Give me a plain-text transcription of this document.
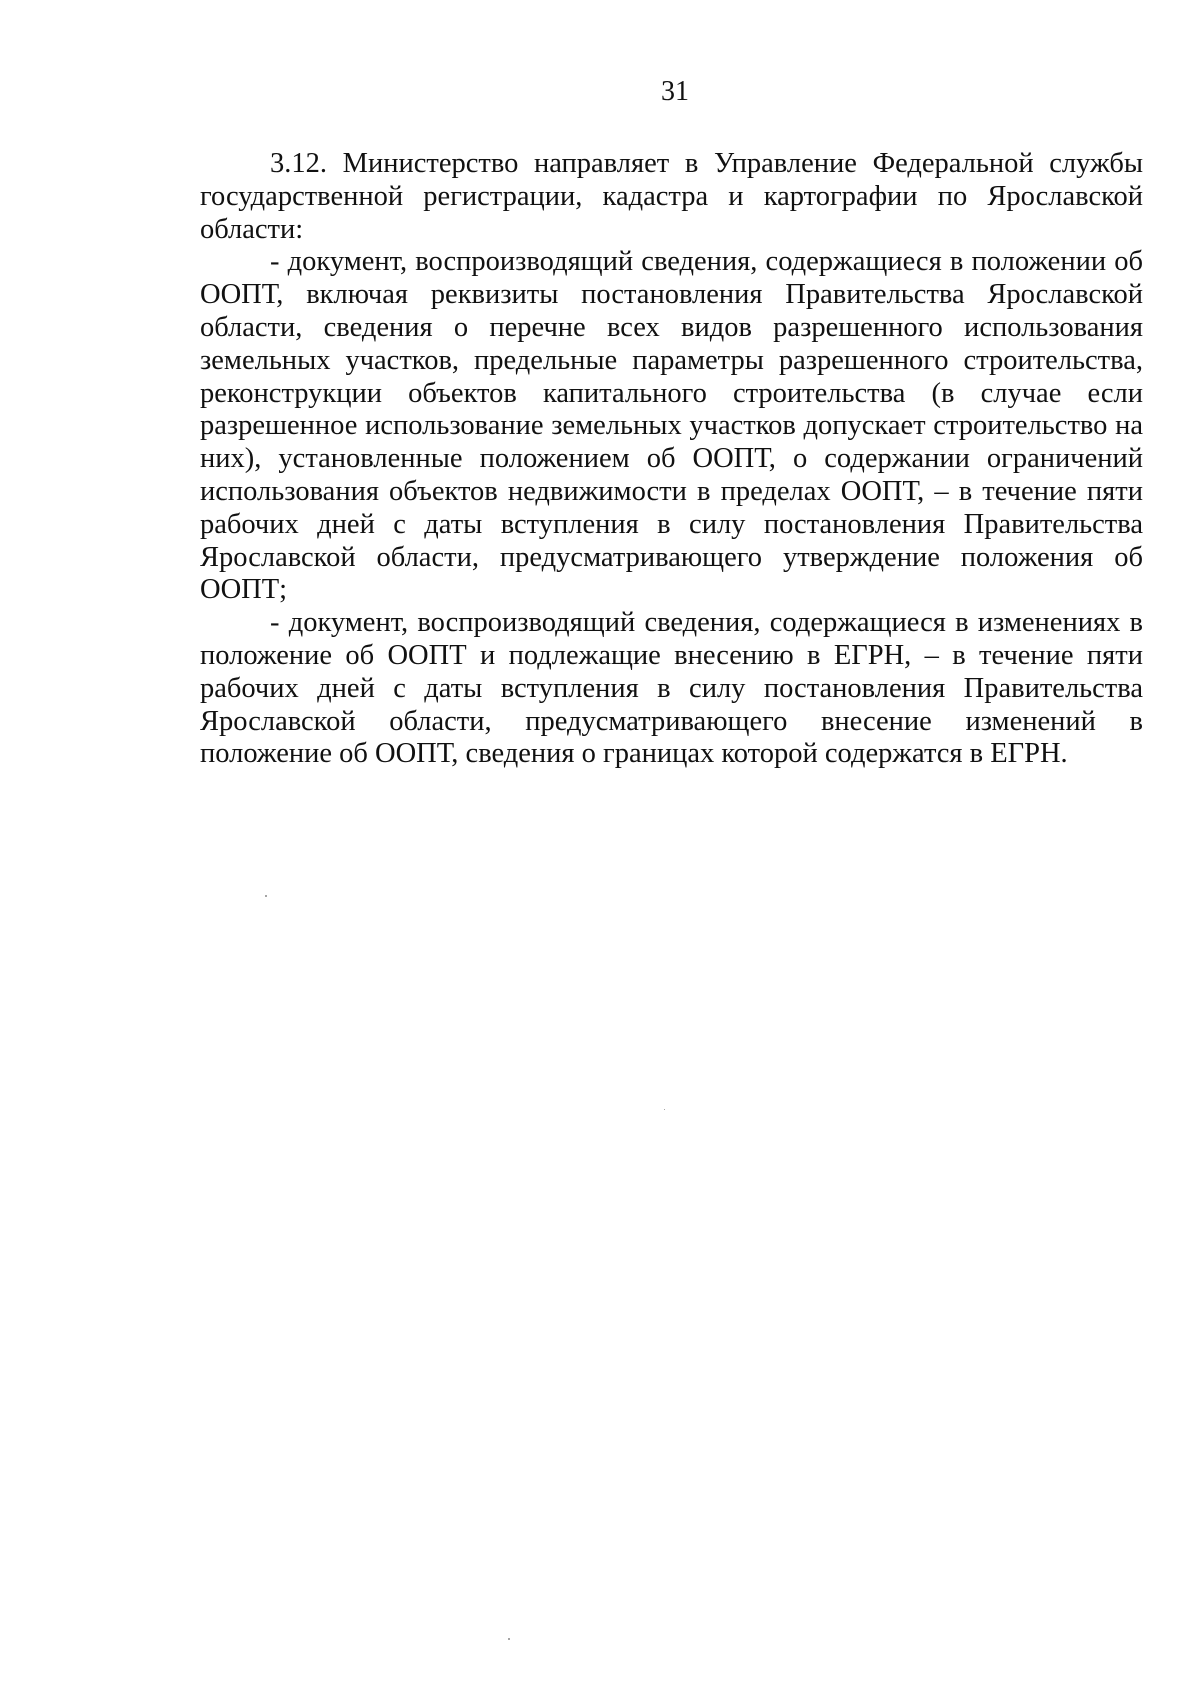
31

3.12. Министерство направляет в Управление Федеральной службы государственной регистрации, кадастра и картографии по Ярославской области:

- документ, воспроизводящий сведения, содержащиеся в положении об ООПТ, включая реквизиты постановления Правительства Ярославской области, сведения о перечне всех видов разрешенного использования земельных участков, предельные параметры разрешенного строительства, реконструкции объектов капитального строительства (в случае если разрешенное использование земельных участков допускает строительство на них), установленные положением об ООПТ, о содержании ограничений использования объектов недвижимости в пределах ООПТ, – в течение пяти рабочих дней с даты вступления в силу постановления Правительства Ярославской области, предусматривающего утверждение положения об ООПТ;

- документ, воспроизводящий сведения, содержащиеся в изменениях в положение об ООПТ и подлежащие внесению в ЕГРН, – в течение пяти рабочих дней с даты вступления в силу постановления Правительства Ярославской области, предусматривающего внесение изменений в положение об ООПТ, сведения о границах которой содержатся в ЕГРН.
